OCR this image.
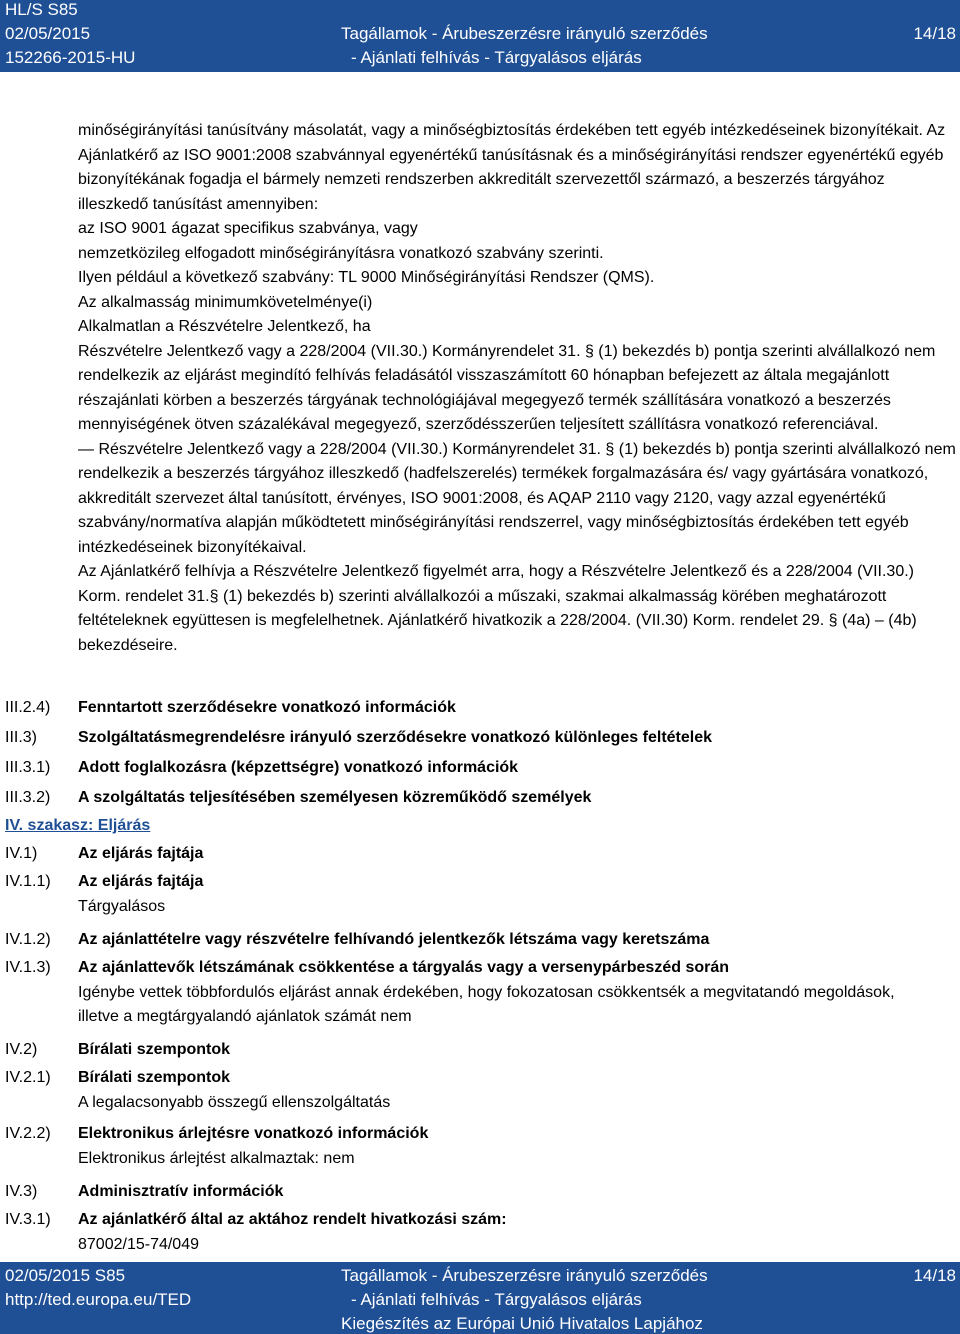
HL/S S85
02/05/2015
152266-2015-HU
Tagállamok - Árubeszerzésre irányuló szerződés
- Ajánlati felhívás - Tárgyalásos eljárás
14/18

minőségirányítási tanúsítvány másolatát, vagy a minőségbiztosítás érdekében tett egyéb intézkedéseinek bizonyítékait. Az Ajánlatkérő az ISO 9001:2008 szabvánnyal egyenértékű tanúsításnak és a minőségirányítási rendszer egyenértékű egyéb bizonyítékának fogadja el bármely nemzeti rendszerben akkreditált szervezettől származó, a beszerzés tárgyához illeszkedő tanúsítást amennyiben:

az ISO 9001 ágazat specifikus szabványa, vagy

nemzetközileg elfogadott minőségirányításra vonatkozó szabvány szerinti.

Ilyen például a következő szabvány: TL 9000 Minőségirányítási Rendszer (QMS).

Az alkalmasság minimumkövetelménye(i)

Alkalmatlan a Részvételre Jelentkező, ha

Részvételre Jelentkező vagy a 228/2004 (VII.30.) Kormányrendelet 31. § (1) bekezdés b) pontja szerinti alvállalkozó nem rendelkezik az eljárást megindító felhívás feladásától visszaszámított 60 hónapban befejezett az általa megajánlott részajánlati körben a beszerzés tárgyának technológiájával megegyező termék szállítására vonatkozó a beszerzés mennyiségének ötven százalékával megegyező, szerződésszerűen teljesített szállításra vonatkozó referenciával.

— Részvételre Jelentkező vagy a 228/2004 (VII.30.) Kormányrendelet 31. § (1) bekezdés b) pontja szerinti alvállalkozó nem rendelkezik a beszerzés tárgyához illeszkedő (hadfelszerelés) termékek forgalmazására és/ vagy gyártására vonatkozó, akkreditált szervezet által tanúsított, érvényes, ISO 9001:2008, és AQAP 2110 vagy 2120, vagy azzal egyenértékű szabvány/normatíva alapján működtetett minőségirányítási rendszerrel, vagy minőségbiztosítás érdekében tett egyéb intézkedéseinek bizonyítékaival.

Az Ajánlatkérő felhívja a Részvételre Jelentkező figyelmét arra, hogy a Részvételre Jelentkező és a 228/2004 (VII.30.) Korm. rendelet 31.§ (1) bekezdés b) szerinti alvállalkozói a műszaki, szakmai alkalmasság körében meghatározott feltételeknek együttesen is megfelelhetnek. Ajánlatkérő hivatkozik a 228/2004. (VII.30) Korm. rendelet 29. § (4a) – (4b) bekezdéseire.

III.2.4) Fenntartott szerződésekre vonatkozó információk
III.3)	Szolgáltatásmegrendelésre irányuló szerződésekre vonatkozó különleges feltételek
III.3.1) Adott foglalkozásra (képzettségre) vonatkozó információk
III.3.2) A szolgáltatás teljesítésében személyesen közreműködő személyek
IV. szakasz: Eljárás
IV.1)	Az eljárás fajtája
IV.1.1) Az eljárás fajtája
Tárgyalásos
IV.1.2) Az ajánlattételre vagy részvételre felhívandó jelentkezők létszáma vagy keretszáma
IV.1.3) Az ajánlattevők létszámának csökkentése a tárgyalás vagy a versenypárbeszéd során
Igénybe vettek többfordulós eljárást annak érdekében, hogy fokozatosan csökkentsék a megvitatandó megoldások, illetve a megtárgyalandó ajánlatok számát nem
IV.2)	Bírálati szempontok
IV.2.1) Bírálati szempontok
A legalacsonyabb összegű ellenszolgáltatás
IV.2.2) Elektronikus árlejtésre vonatkozó információk
Elektronikus árlejtést alkalmaztak: nem
IV.3)	Adminisztratív információk
IV.3.1) Az ajánlatkérő által az aktához rendelt hivatkozási szám:
87002/15-74/049
02/05/2015 S85
http://ted.europa.eu/TED
Tagállamok - Árubeszerzésre irányuló szerződés
- Ajánlati felhívás - Tárgyalásos eljárás
Kiegészítés az Európai Unió Hivatalos Lapjához
14/18
